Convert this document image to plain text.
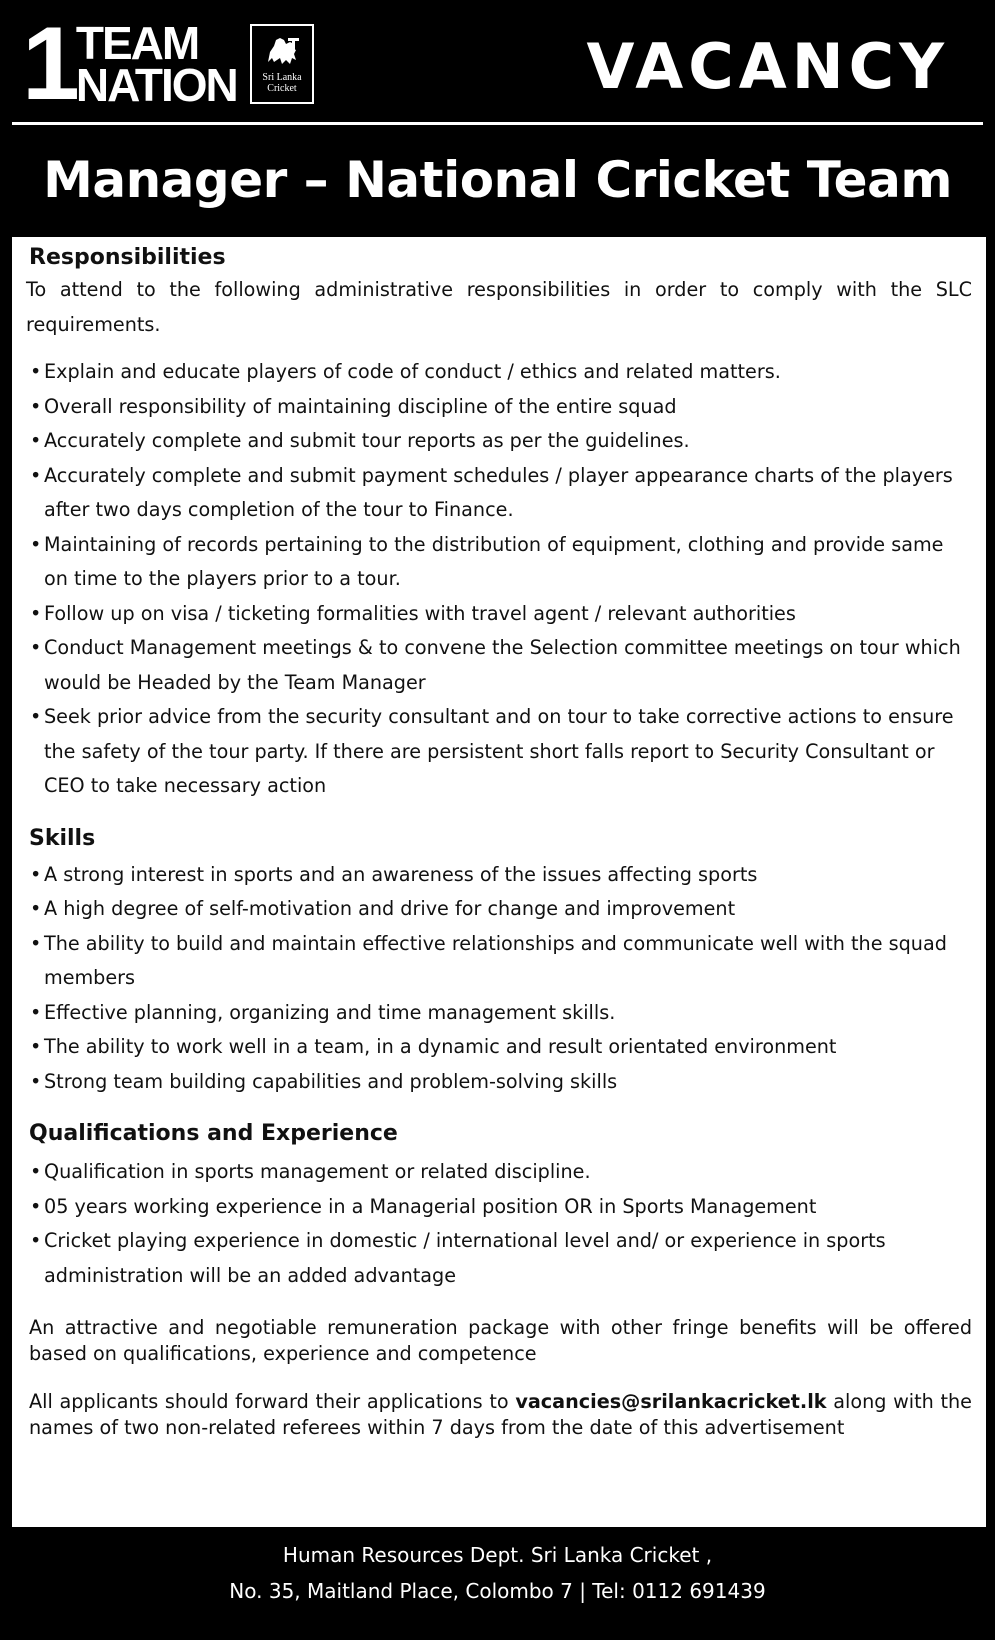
1 TEAM
NATION	Sri Lanka
Cricket	VACANCY
Manager – National Cricket Team
Responsibilities

To attend to the following administrative responsibilities in order to comply with the SLC requirements.

• Explain and educate players of code of conduct / ethics and related matters.
• Overall responsibility of maintaining discipline of the entire squad
• Accurately complete and submit tour reports as per the guidelines.
• Accurately complete and submit payment schedules / player appearance charts of the players after two days completion of the tour to Finance.
• Maintaining of records pertaining to the distribution of equipment, clothing and provide same on time to the players prior to a tour.
• Follow up on visa / ticketing formalities with travel agent / relevant authorities
• Conduct Management meetings & to convene the Selection committee meetings on tour which would be Headed by the Team Manager
• Seek prior advice from the security consultant and on tour to take corrective actions to ensure the safety of the tour party. If there are persistent short falls report to Security Consultant or CEO to take necessary action
Skills
• A strong interest in sports and an awareness of the issues affecting sports
• A high degree of self-motivation and drive for change and improvement
• The ability to build and maintain effective relationships and communicate well with the squad members
• Effective planning, organizing and time management skills.
• The ability to work well in a team, in a dynamic and result orientated environment
• Strong team building capabilities and problem-solving skills
Qualifications and Experience
• Qualification in sports management or related discipline.
• 05 years working experience in a Managerial position OR in Sports Management
• Cricket playing experience in domestic / international level and/ or experience in sports administration will be an added advantage

An attractive and negotiable remuneration package with other fringe benefits will be offered based on qualifications, experience and competence

All applicants should forward their applications to vacancies@srilankacricket.lk along with the names of two non-related referees within 7 days from the date of this advertisement

Human Resources Dept. Sri Lanka Cricket ,
No. 35, Maitland Place, Colombo 7 | Tel: 0112 691439
